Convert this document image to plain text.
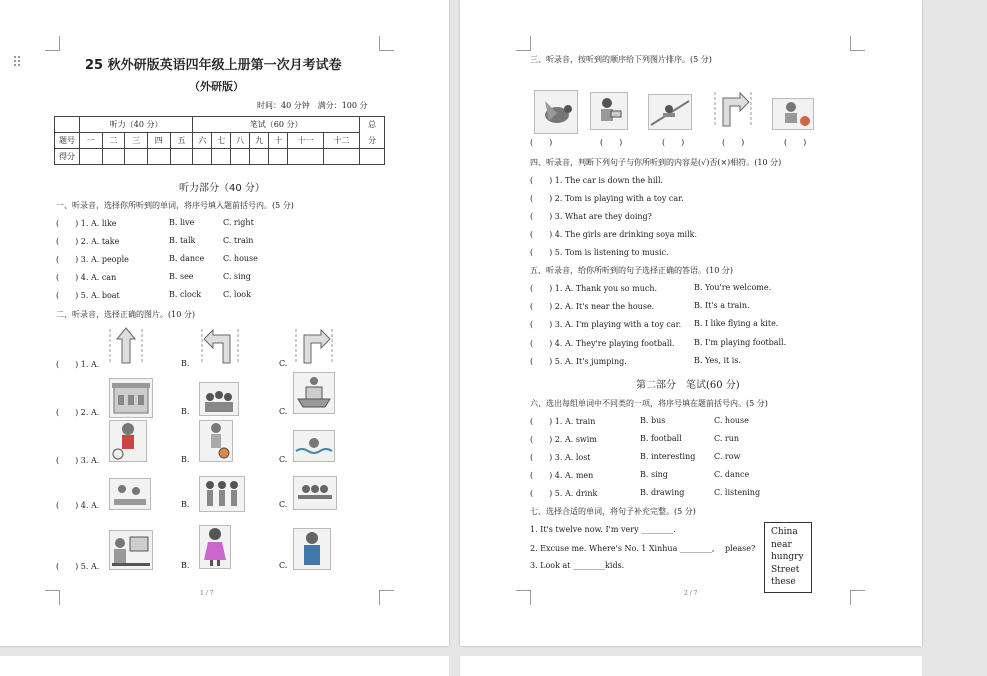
⠿	25 秋外研版英语四年级上册第一次月考试卷
（外研版）
时间：40 分钟　满分：100 分
	听力（40 分）					笔试（60 分）							总
题号	一	二	三	四	五	六	七	八	九	十	十一	十二	分
得分													
听力部分（40 分）
一、听录音，选择你所听到的单词，将序号填入题前括号内。(5 分)
(　　) 1. A. like	B. live	C. right
(　　) 2. A. take	B. talk	C. train
(　　) 3. A. people	B. dance C. house
(　　) 4. A. can	B. see	C. sing
(　　) 5. A. boat	B. clock	C. look
二、听录音，选择正确的图片。(10 分)
(　　) 1. A.	B.	C.
(　　) 2. A.	B.	C.
(　　) 3. A.	B.	C.
(　　) 4. A.	B.	C.
(　　) 5. A.	B.	C.
1 / 7
三、听录音，按听到的顺序给下列图片排序。(5 分)
(　　)	(　　)	(　　)	(　　)	(　　)
四、听录音，判断下列句子与你所听到的内容是(√)否(×)相符。(10 分)
(　　) 1. The car is down the hill.
(　　) 2. Tom is playing with a toy car.
(　　) 3. What are they doing?
(　　) 4. The girls are drinking soya milk.
(　　) 5. Tom is listening to music.
五、听录音，给你所听到的句子选择正确的答语。(10 分)
(　　) 1. A. Thank you so much.	B. You're welcome.
(　　) 2. A. It's near the house.	B. It's a train.
(　　) 3. A. I'm playing with a toy car. B. I like flying a kite.
(　　) 4. A. They're playing football. B. I'm playing football.
(　　) 5. A. It's jumping.	B. Yes, it is.
第二部分　笔试(60 分)
六、选出每组单词中不同类的一项，将序号填在题前括号内。(5 分)
(　　) 1. A. train	B. bus	C. house
(　　) 2. A. swim	B. football	C. run
(　　) 3. A. lost	B. interesting C. row
(　　) 4. A. men	B. sing	C. dance
(　　) 5. A. drink	B. drawing	C. listening
七、选择合适的单词，将句子补充完整。(5 分)
1. It's twelve now. I'm very ________.
2. Excuse me. Where's No. 1 Xinhua ________,　 please?
3. Look at ________kids.
China
near
hungry
Street
these
2 / 7
